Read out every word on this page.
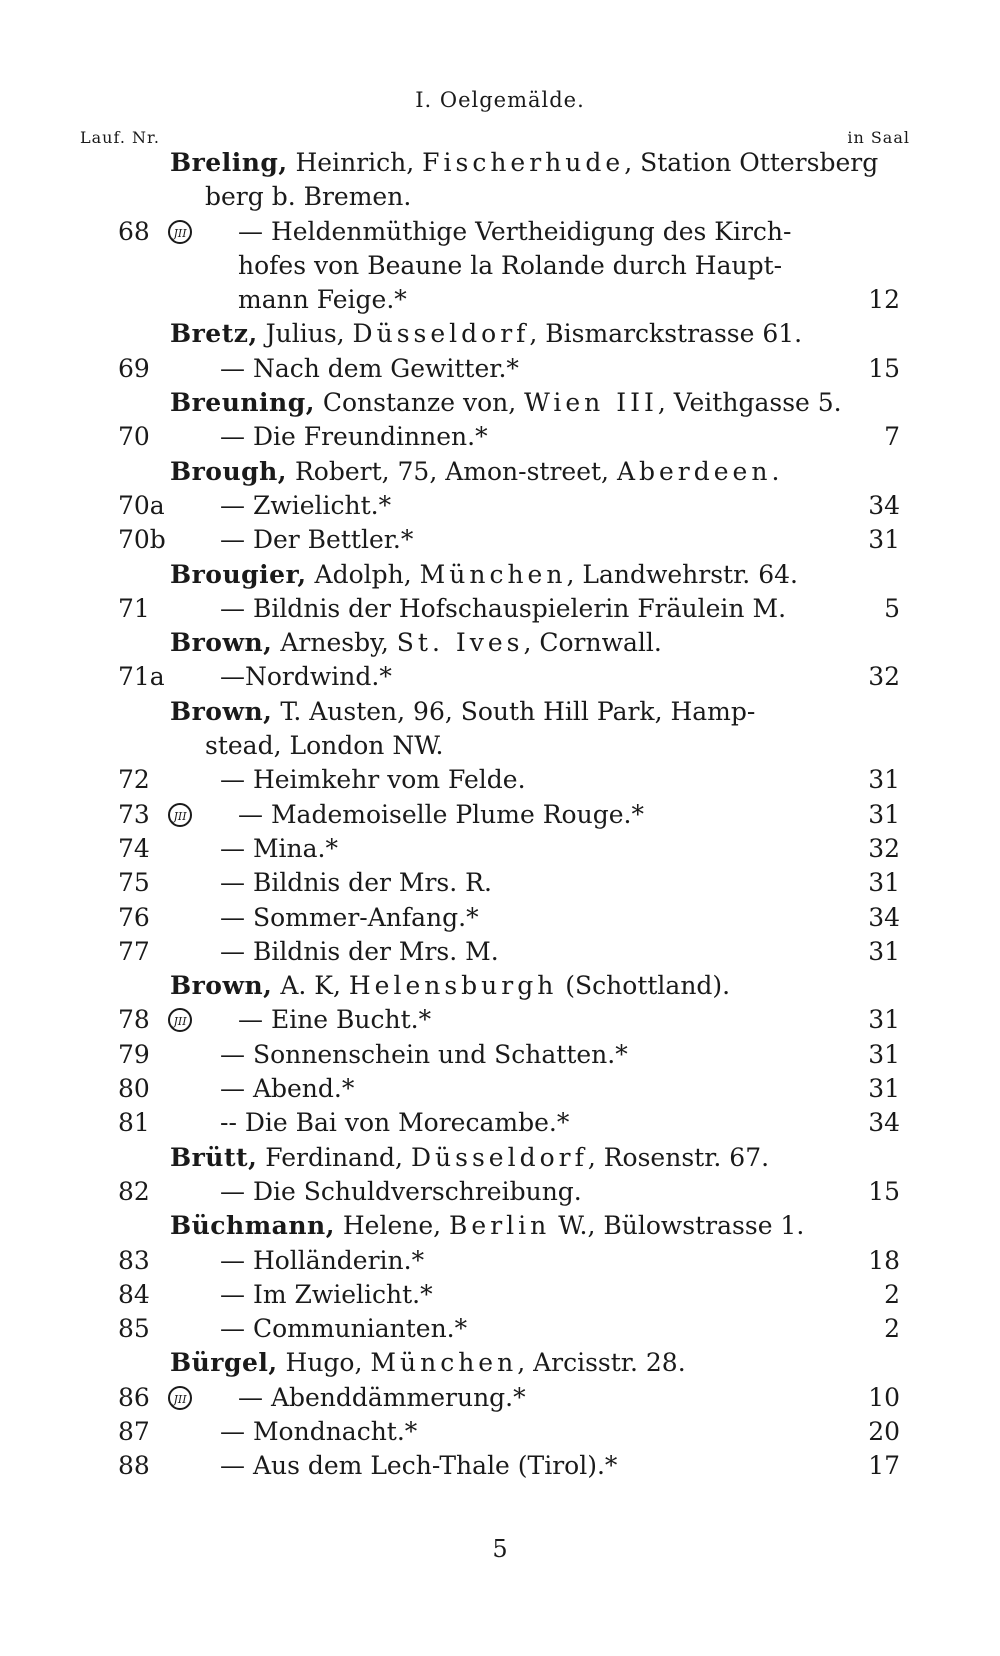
I. Oelgemälde.
Lauf. Nr.	in Saal
Breling, Heinrich, Fischerhude, Station Ottersberg
berg b. Bremen.
68	JII — Heldenmüthige Vertheidigung des Kirch-
hofes von Beaune la Rolande durch Haupt-
mann Feige.*	12
Bretz, Julius, Düsseldorf, Bismarckstrasse 61.
69	— Nach dem Gewitter.*	15
Breuning, Constanze von, Wien III, Veithgasse 5.
70	— Die Freundinnen.*	7
Brough, Robert, 75, Amon-street, Aberdeen.
70a — Zwielicht.*	34
70b — Der Bettler.*	31
Brougier, Adolph, München, Landwehrstr. 64.
71	— Bildnis der Hofschauspielerin Fräulein M.	5
Brown, Arnesby, St. Ives, Cornwall.
71a —Nordwind.*	32
Brown, T. Austen, 96, South Hill Park, Hamp-
stead, London NW.
72	— Heimkehr vom Felde.	31
73	JII — Mademoiselle Plume Rouge.*	31
74	— Mina.*	32
75	— Bildnis der Mrs. R.	31
76	— Sommer-Anfang.*	34
77	— Bildnis der Mrs. M.	31
Brown, A. K, Helensburgh (Schottland).
78	JII — Eine Bucht.*	31
79	— Sonnenschein und Schatten.*	31
80	— Abend.*	31
81	-- Die Bai von Morecambe.*	34
Brütt, Ferdinand, Düsseldorf, Rosenstr. 67.
82	— Die Schuldverschreibung.	15
Büchmann, Helene, Berlin W., Bülowstrasse 1.
83	— Holländerin.*	18
84	— Im Zwielicht.*	2
85	— Communianten.*	2
Bürgel, Hugo, München, Arcisstr. 28.
86	JII — Abenddämmerung.*	10
87	— Mondnacht.*	20
88	— Aus dem Lech-Thale (Tirol).*	17
5
